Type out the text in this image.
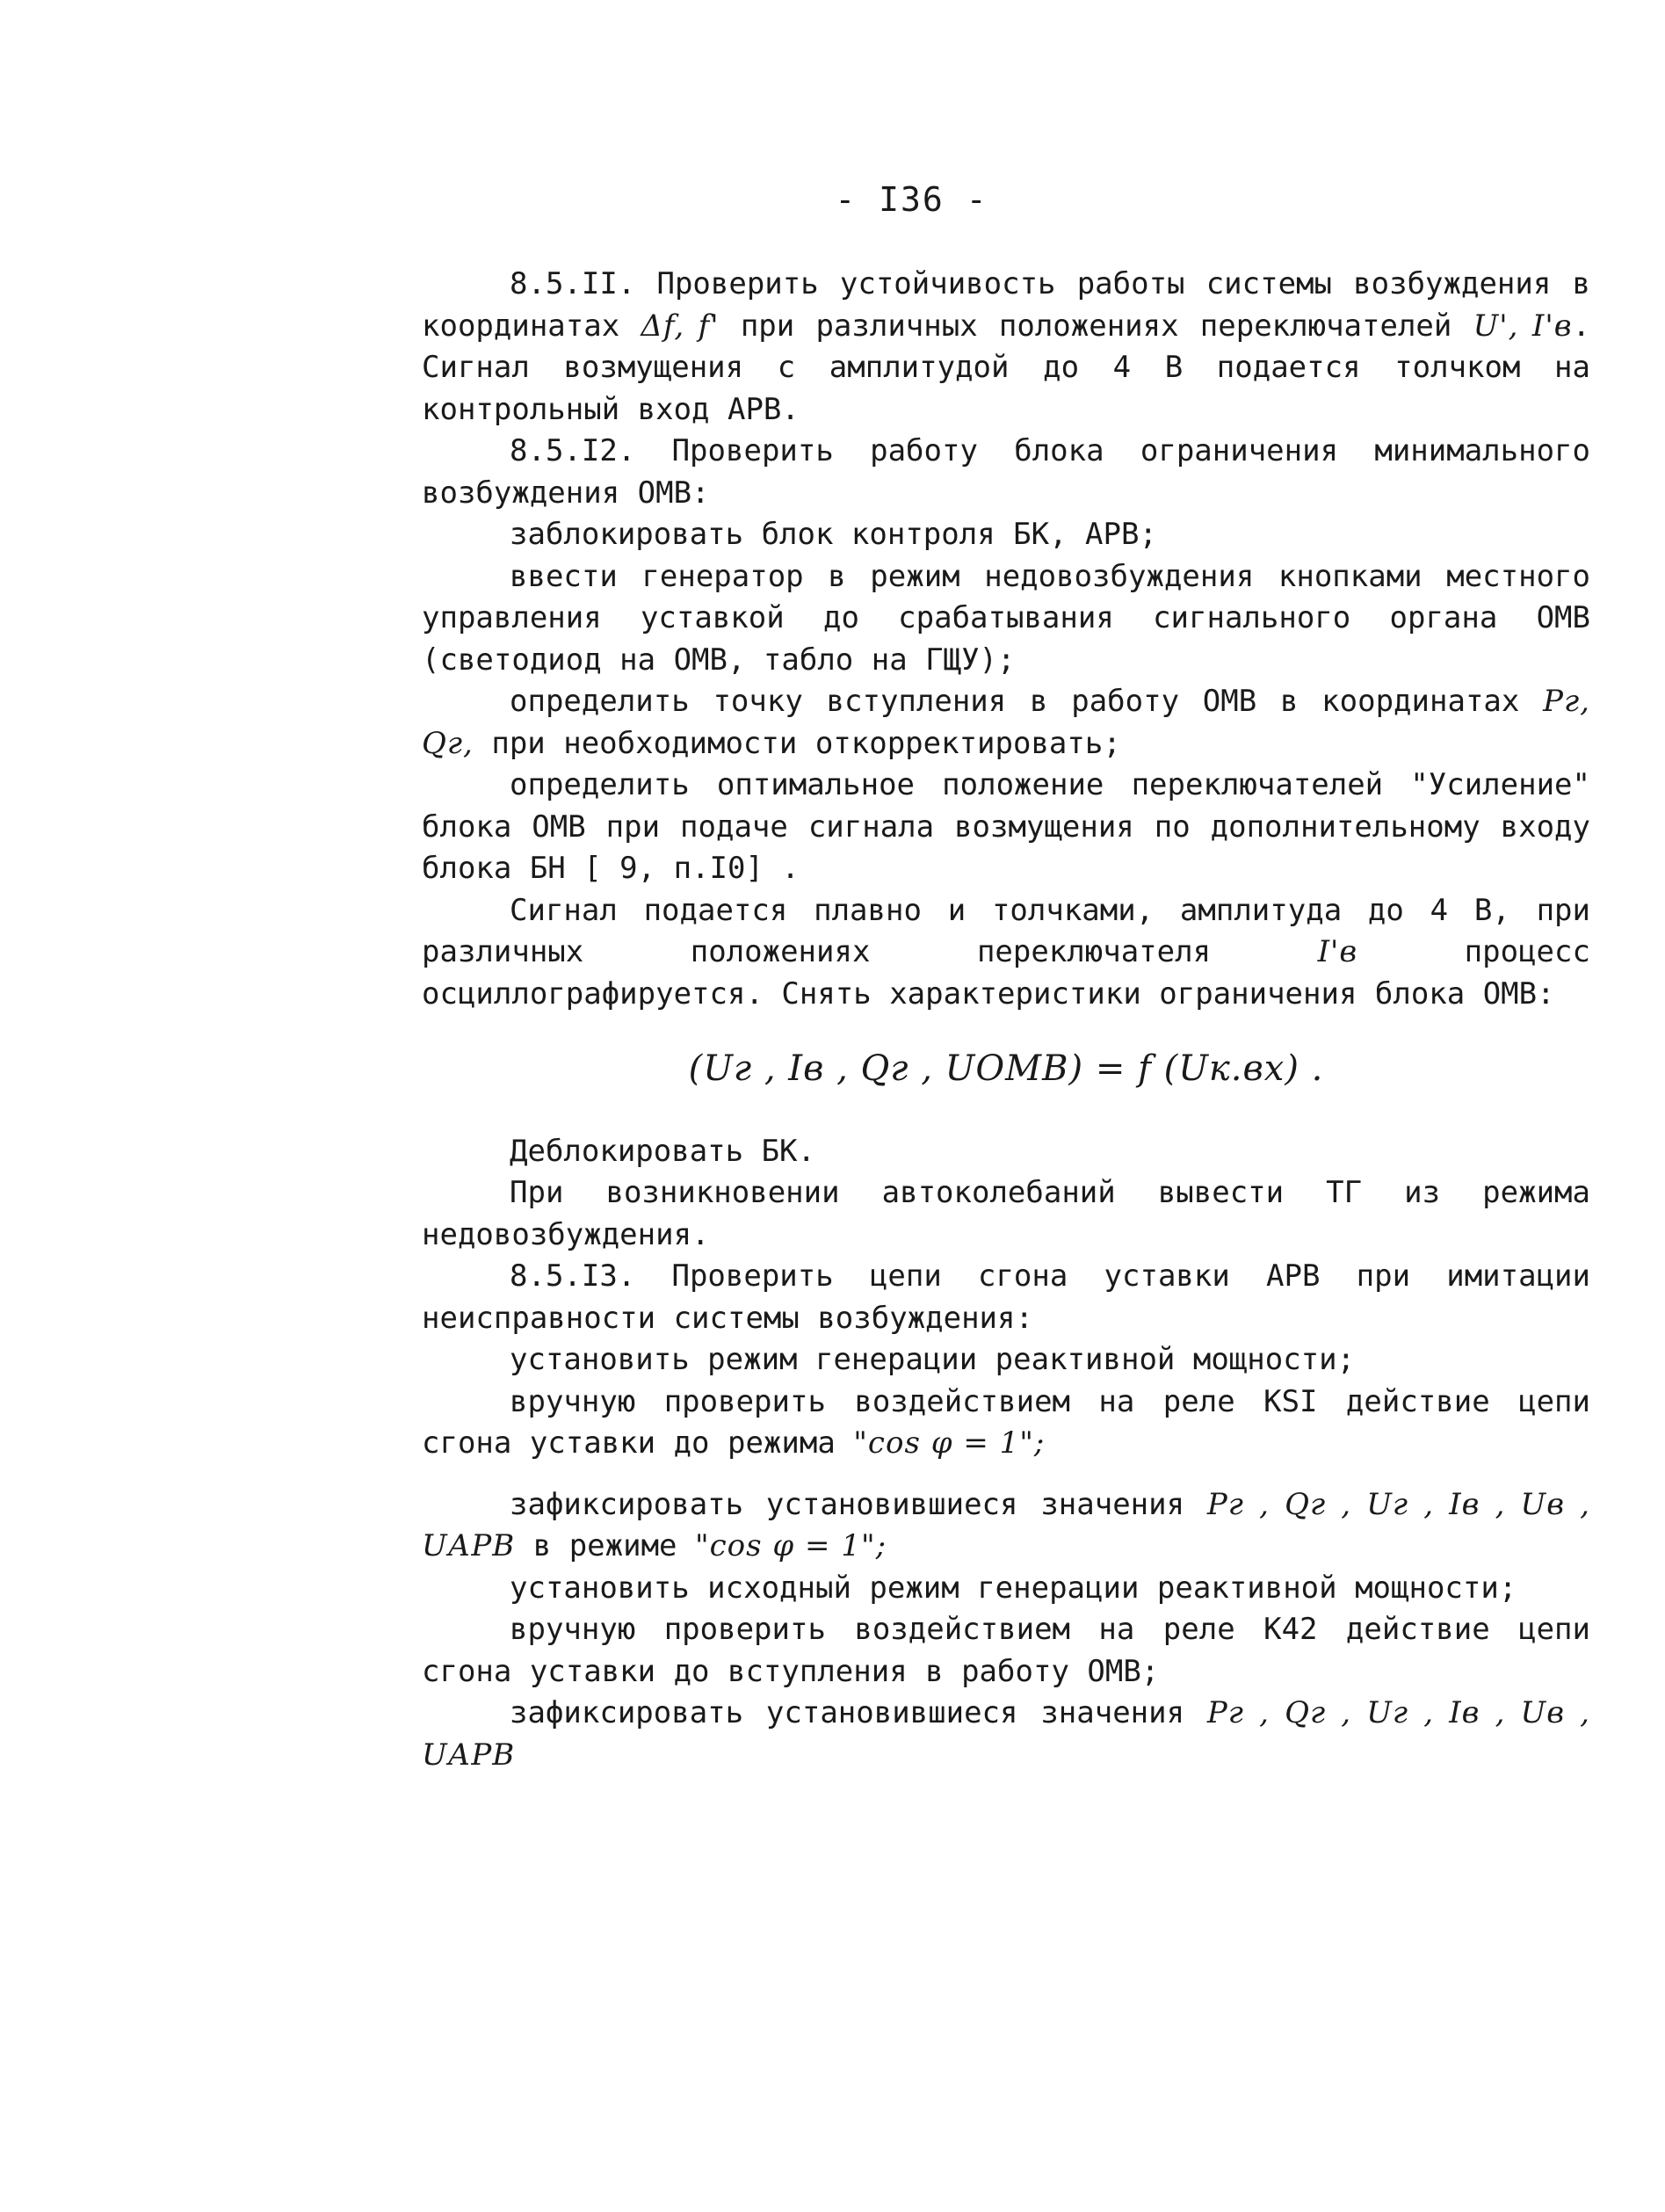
- I36 -

8.5.II. Проверить устойчивость работы системы возбуждения в координатах Δf, f' при различных положениях переключателей U', I'в. Сигнал возмущения с амплитудой до 4 В подается толчком на контрольный вход АРВ.

8.5.I2. Проверить работу блока ограничения минимального возбуждения ОМВ:

заблокировать блок контроля БК, АРВ;

ввести генератор в режим недовозбуждения кнопками местного управления уставкой до срабатывания сигнального органа ОМВ (светодиод на ОМВ, табло на ГЩУ);

определить точку вступления в работу ОМВ в координатах Pг, Qг, при необходимости откорректировать;

определить оптимальное положение переключателей "Усиление" блока ОМВ при подаче сигнала возмущения по дополнительному входу блока БН [ 9, п.I0] .

Сигнал подается плавно и толчками, амплитуда до 4 В, при различных положениях переключателя	I'в	процесс осциллографируется. Снять характеристики ограничения блока ОМВ:

(Uг , Iв , Qг , UОМВ) = f (Uк.вх) .

Деблокировать БК.

При возникновении автоколебаний вывести ТГ из режима недовозбуждения.

8.5.I3. Проверить цепи сгона уставки АРВ при имитации неисправности системы возбуждения:

установить режим генерации реактивной мощности;

вручную проверить воздействием на реле KSI действие цепи сгона уставки до режима "cos φ = 1";

зафиксировать установившиеся значения Pг , Qг , Uг , Iв , Uв , UАРВ в режиме "cos φ = 1";

установить исходный режим генерации реактивной мощности;

вручную проверить воздействием на реле К42 действие цепи сгона уставки до вступления в работу ОМВ;

зафиксировать установившиеся значения Pг , Qг , Uг , Iв , Uв , UАРВ
